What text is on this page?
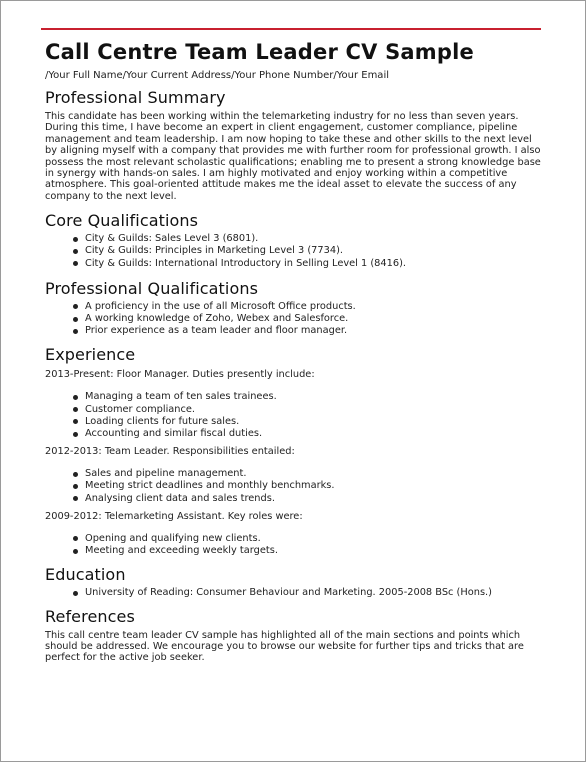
Call Centre Team Leader CV Sample
/Your Full Name/Your Current Address/Your Phone Number/Your Email
Professional Summary

This candidate has been working within the telemarketing industry for no less than seven years. During this time, I have become an expert in client engagement, customer compliance, pipeline management and team leadership. I am now hoping to take these and other skills to the next level by aligning myself with a company that provides me with further room for professional growth. I also possess the most relevant scholastic qualifications; enabling me to present a strong knowledge base in synergy with hands-on sales. I am highly motivated and enjoy working within a competitive atmosphere. This goal-oriented attitude makes me the ideal asset to elevate the success of any company to the next level.

Core Qualifications
City & Guilds: Sales Level 3 (6801).
City & Guilds: Principles in Marketing Level 3 (7734).
City & Guilds: International Introductory in Selling Level 1 (8416).
Professional Qualifications
A proficiency in the use of all Microsoft Office products.
A working knowledge of Zoho, Webex and Salesforce.
Prior experience as a team leader and floor manager.
Experience
2013-Present: Floor Manager. Duties presently include:
Managing a team of ten sales trainees.
Customer compliance.
Loading clients for future sales.
Accounting and similar fiscal duties.
2012-2013: Team Leader. Responsibilities entailed:
Sales and pipeline management.
Meeting strict deadlines and monthly benchmarks.
Analysing client data and sales trends.
2009-2012: Telemarketing Assistant. Key roles were:
Opening and qualifying new clients.
Meeting and exceeding weekly targets.
Education
University of Reading: Consumer Behaviour and Marketing. 2005-2008 BSc (Hons.)
References

This call centre team leader CV sample has highlighted all of the main sections and points which should be addressed. We encourage you to browse our website for further tips and tricks that are perfect for the active job seeker.
